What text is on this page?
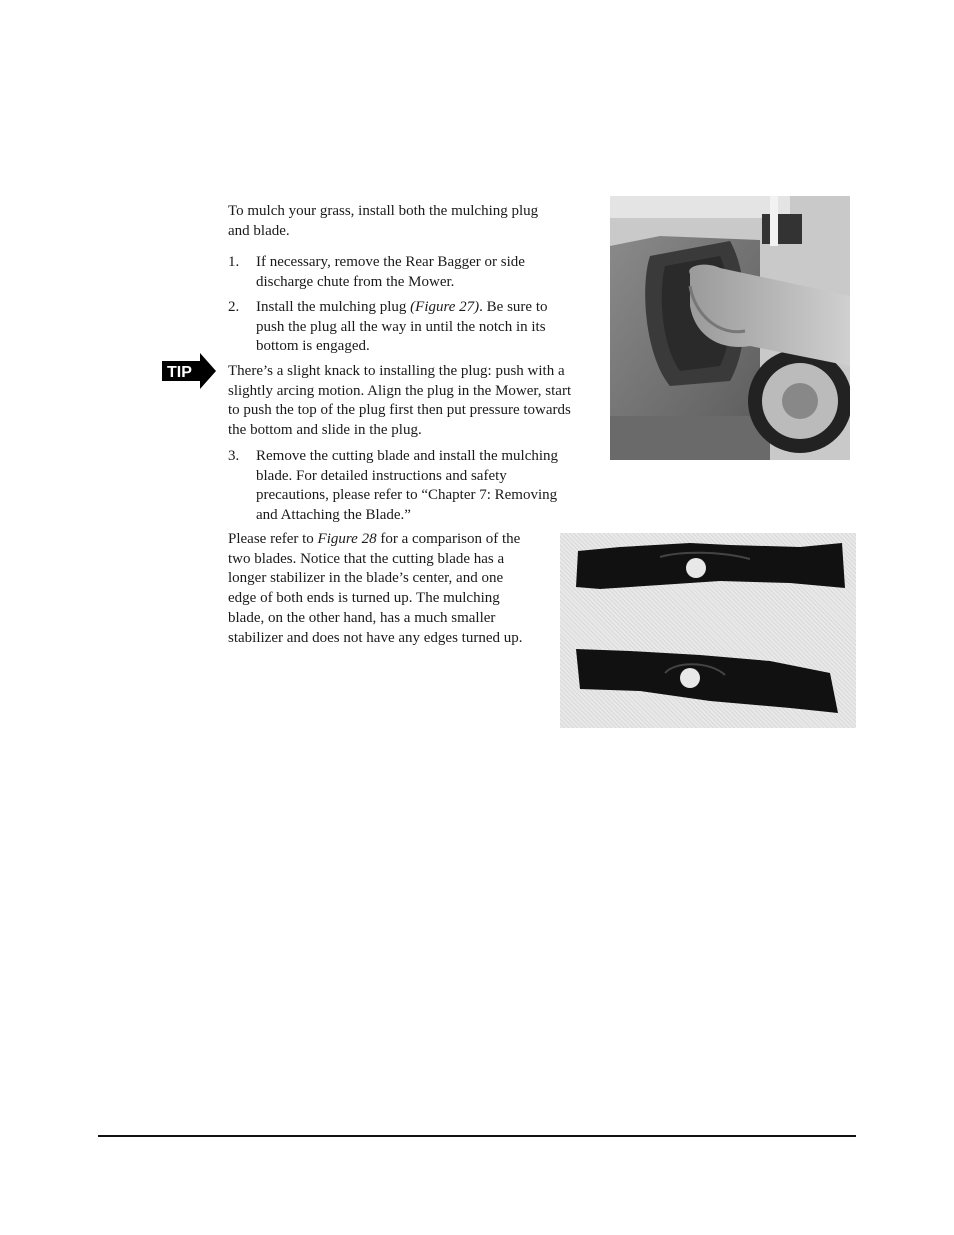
To mulch your grass, install both the mulching plug and blade.

1. If necessary, remove the Rear Bagger or side discharge chute from the Mower.
2. Install the mulching plug (Figure 27). Be sure to push the plug all the way in until the notch in its bottom is engaged.
TIP There’s a slight knack to installing the plug: push with a slightly arcing motion. Align the plug in the Mower, start to push the top of the plug first then put pressure towards the bottom and slide in the plug.

3. Remove the cutting blade and install the mulching blade. For detailed instructions and safety precautions, please refer to “Chapter 7: Removing and Attaching the Blade.”

Please refer to Figure 28 for a comparison of the two blades. Notice that the cutting blade has a longer stabilizer in the blade’s center, and one edge of both ends is turned up. The mulching blade, on the other hand, has a much smaller stabilizer and does not have any edges turned up.
